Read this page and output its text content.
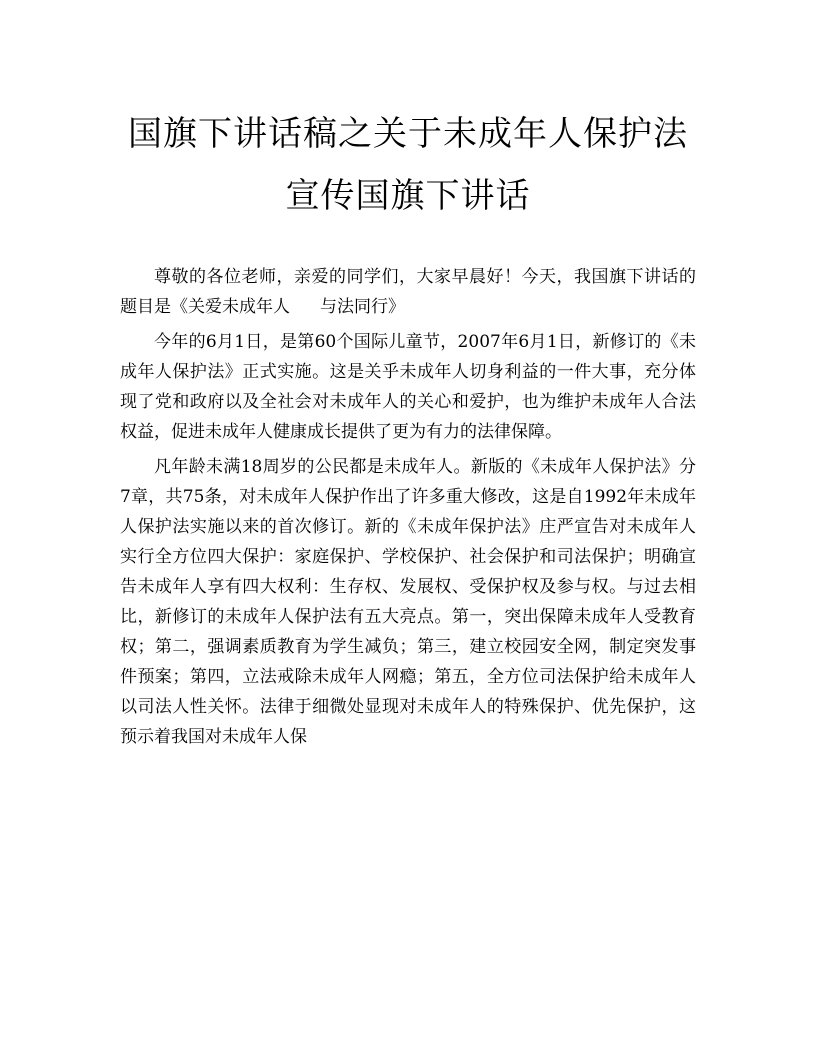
国旗下讲话稿之关于未成年人保护法
宣传国旗下讲话

尊敬的各位老师，亲爱的同学们，大家早晨好！今天，我国旗下讲话的题目是《关爱未成年人 与法同行》

今年的6月1日，是第60个国际儿童节，2007年6月1日，新修订的《未成年人保护法》正式实施。这是关乎未成年人切身利益的一件大事，充分体现了党和政府以及全社会对未成年人的关心和爱护，也为维护未成年人合法权益，促进未成年人健康成长提供了更为有力的法律保障。

凡年龄未满18周岁的公民都是未成年人。新版的《未成年人保护法》分7章，共75条，对未成年人保护作出了许多重大修改，这是自1992年未成年人保护法实施以来的首次修订。新的《未成年保护法》庄严宣告对未成年人实行全方位四大保护：家庭保护、学校保护、社会保护和司法保护；明确宣告未成年人享有四大权利：生存权、发展权、受保护权及参与权。与过去相比，新修订的未成年人保护法有五大亮点。第一，突出保障未成年人受教育权；第二，强调素质教育为学生减负；第三，建立校园安全网，制定突发事件预案；第四，立法戒除未成年人网瘾；第五，全方位司法保护给未成年人以司法人性关怀。法律于细微处显现对未成年人的特殊保护、优先保护，这预示着我国对未成年人保
